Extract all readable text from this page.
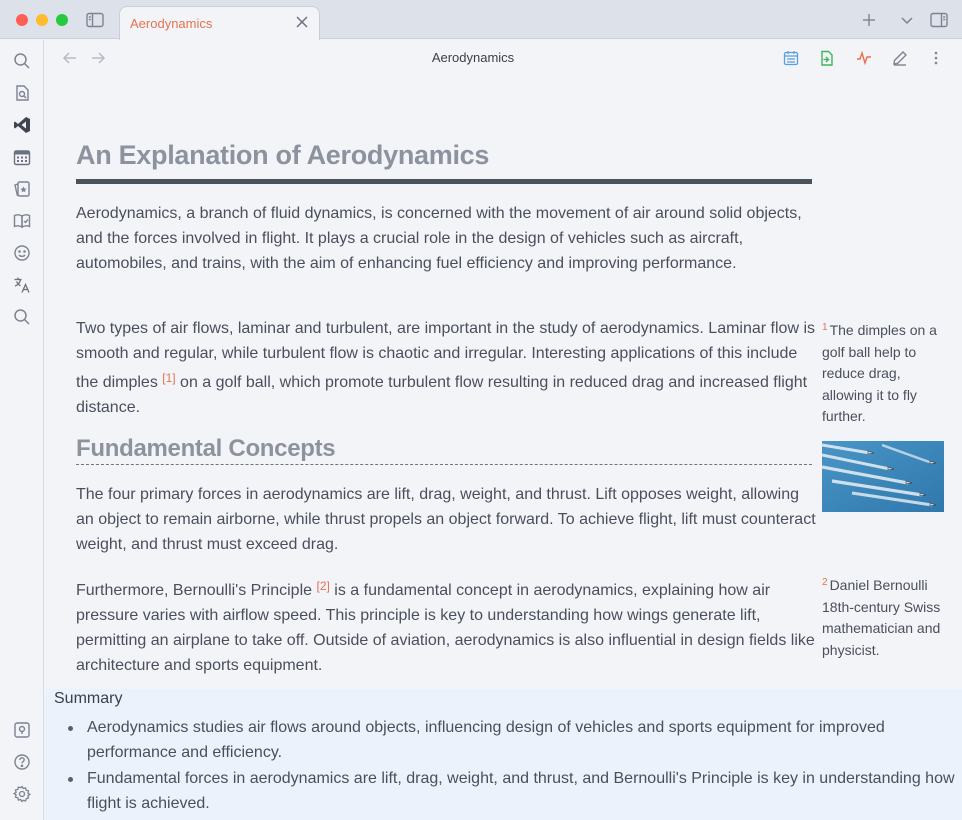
Aerodynamics
Aerodynamics
An Explanation of Aerodynamics
Aerodynamics, a branch of fluid dynamics, is concerned with the movement of air around solid objects, and the forces involved in flight. It plays a crucial role in the design of vehicles such as aircraft, automobiles, and trains, with the aim of enhancing fuel efficiency and improving performance.
Two types of air flows, laminar and turbulent, are important in the study of aerodynamics. Laminar flow is smooth and regular, while turbulent flow is chaotic and irregular. Interesting applications of this include the dimples [1] on a golf ball, which promote turbulent flow resulting in reduced drag and increased flight distance.
Fundamental Concepts
The four primary forces in aerodynamics are lift, drag, weight, and thrust. Lift opposes weight, allowing an object to remain airborne, while thrust propels an object forward. To achieve flight, lift must counteract weight, and thrust must exceed drag.
Furthermore, Bernoulli's Principle [2] is a fundamental concept in aerodynamics, explaining how air pressure varies with airflow speed. This principle is key to understanding how wings generate lift, permitting an airplane to take off. Outside of aviation, aerodynamics is also influential in design fields like architecture and sports equipment.
$^1$ The dimples on a golf ball help to reduce drag, allowing it to fly further.
$^2$ Daniel Bernoulli 18th-century Swiss mathematician and physicist.
Summary
Aerodynamics studies air flows around objects, influencing design of vehicles and sports equipment for improved performance and efficiency.
Fundamental forces in aerodynamics are lift, drag, weight, and thrust, and Bernoulli's Principle is key in understanding how flight is achieved.
